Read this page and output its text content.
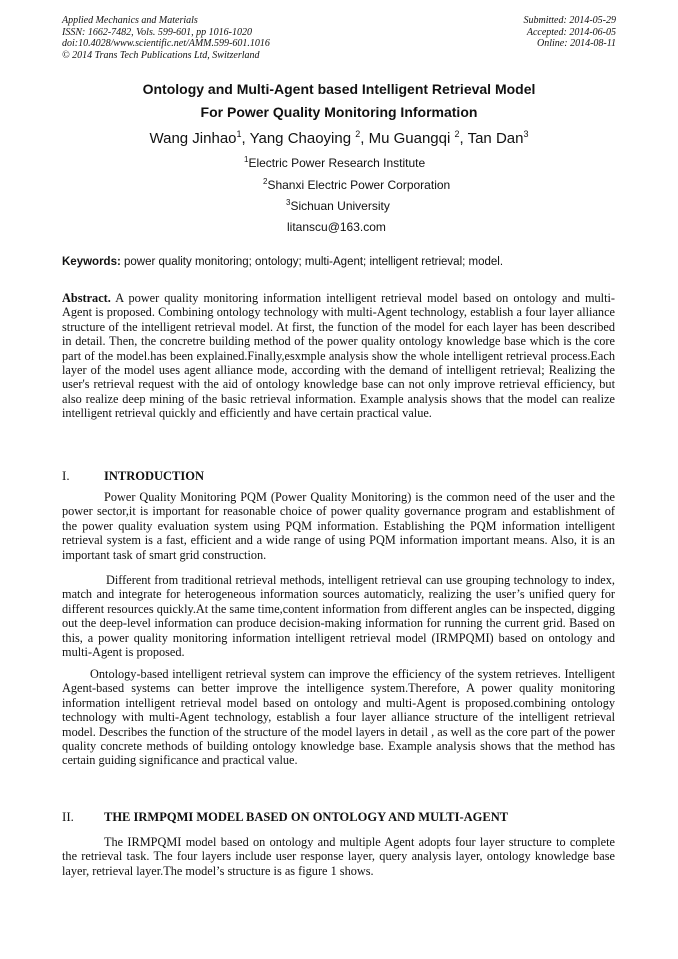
Applied Mechanics and Materials
ISSN: 1662-7482, Vols. 599-601, pp 1016-1020
doi:10.4028/www.scientific.net/AMM.599-601.1016
© 2014 Trans Tech Publications Ltd, Switzerland
Submitted: 2014-05-29
Accepted: 2014-06-05
Online: 2014-08-11
Ontology and Multi-Agent based Intelligent Retrieval Model
For Power Quality Monitoring Information
Wang Jinhao$^1$, Yang Chaoying $^2$, Mu Guangqi $^2$, Tan Dan$^3$
$^1$Electric Power Research Institute
$^2$Shanxi Electric Power Corporation
$^3$Sichuan University
litanscu@163.com
Keywords: power quality monitoring; ontology; multi-Agent; intelligent retrieval; model.

Abstract. A power quality monitoring information intelligent retrieval model based on ontology and multi-Agent is proposed. Combining ontology technology with multi-Agent technology, establish a four layer alliance structure of the intelligent retrieval model. At first, the function of the model for each layer has been described in detail. Then, the concretre building method of the power quality ontology knowledge base which is the core part of the model.has been explained.Finally,esxmple analysis show the whole intelligent retrieval process.Each layer of the model uses agent alliance mode, according with the demand of intelligent retrieval; Realizing the user's retrieval request with the aid of ontology knowledge base can not only improve retrieval efficiency, but also realize deep mining of the basic retrieval information. Example analysis shows that the model can realize intelligent retrieval quickly and efficiently and have certain practical value.

I.	INTRODUCTION

Power Quality Monitoring PQM (Power Quality Monitoring) is the common need of the user and the power sector,it is important for reasonable choice of power quality governance program and establishment of the power quality evaluation system using PQM information. Establishing the PQM information intelligent retrieval system is a fast, efficient and a wide range of using PQM information important means. Also, it is an important task of smart grid construction.

Different from traditional retrieval methods, intelligent retrieval can use grouping technology to index, match and integrate for heterogeneous information sources automaticly, realizing the user’s unified query for different resources quickly.At the same time,content information from different angles can be inspected, digging out the deep-level information can produce decision-making information for running the current grid. Based on this, a power quality monitoring information intelligent retrieval model (IRMPQMI) based on ontology and multi-Agent is proposed.

Ontology-based intelligent retrieval system can improve the efficiency of the system retrieves. Intelligent Agent-based systems can better improve the intelligence system.Therefore, A power quality monitoring information intelligent retrieval model based on ontology and multi-Agent is proposed.combining ontology technology with multi-Agent technology, establish a four layer alliance structure of the intelligent retrieval model. Describes the function of the structure of the model layers in detail , as well as the core part of the power quality concrete methods of building ontology knowledge base. Example analysis shows that the method has certain guiding significance and practical value.

II. THE IRMPQMI MODEL BASED ON ONTOLOGY AND MULTI-AGENT

The IRMPQMI model based on ontology and multiple Agent adopts four layer structure to complete the retrieval task. The four layers include user response layer, query analysis layer, ontology knowledge base layer, retrieval layer.The model’s structure is as figure 1 shows.
